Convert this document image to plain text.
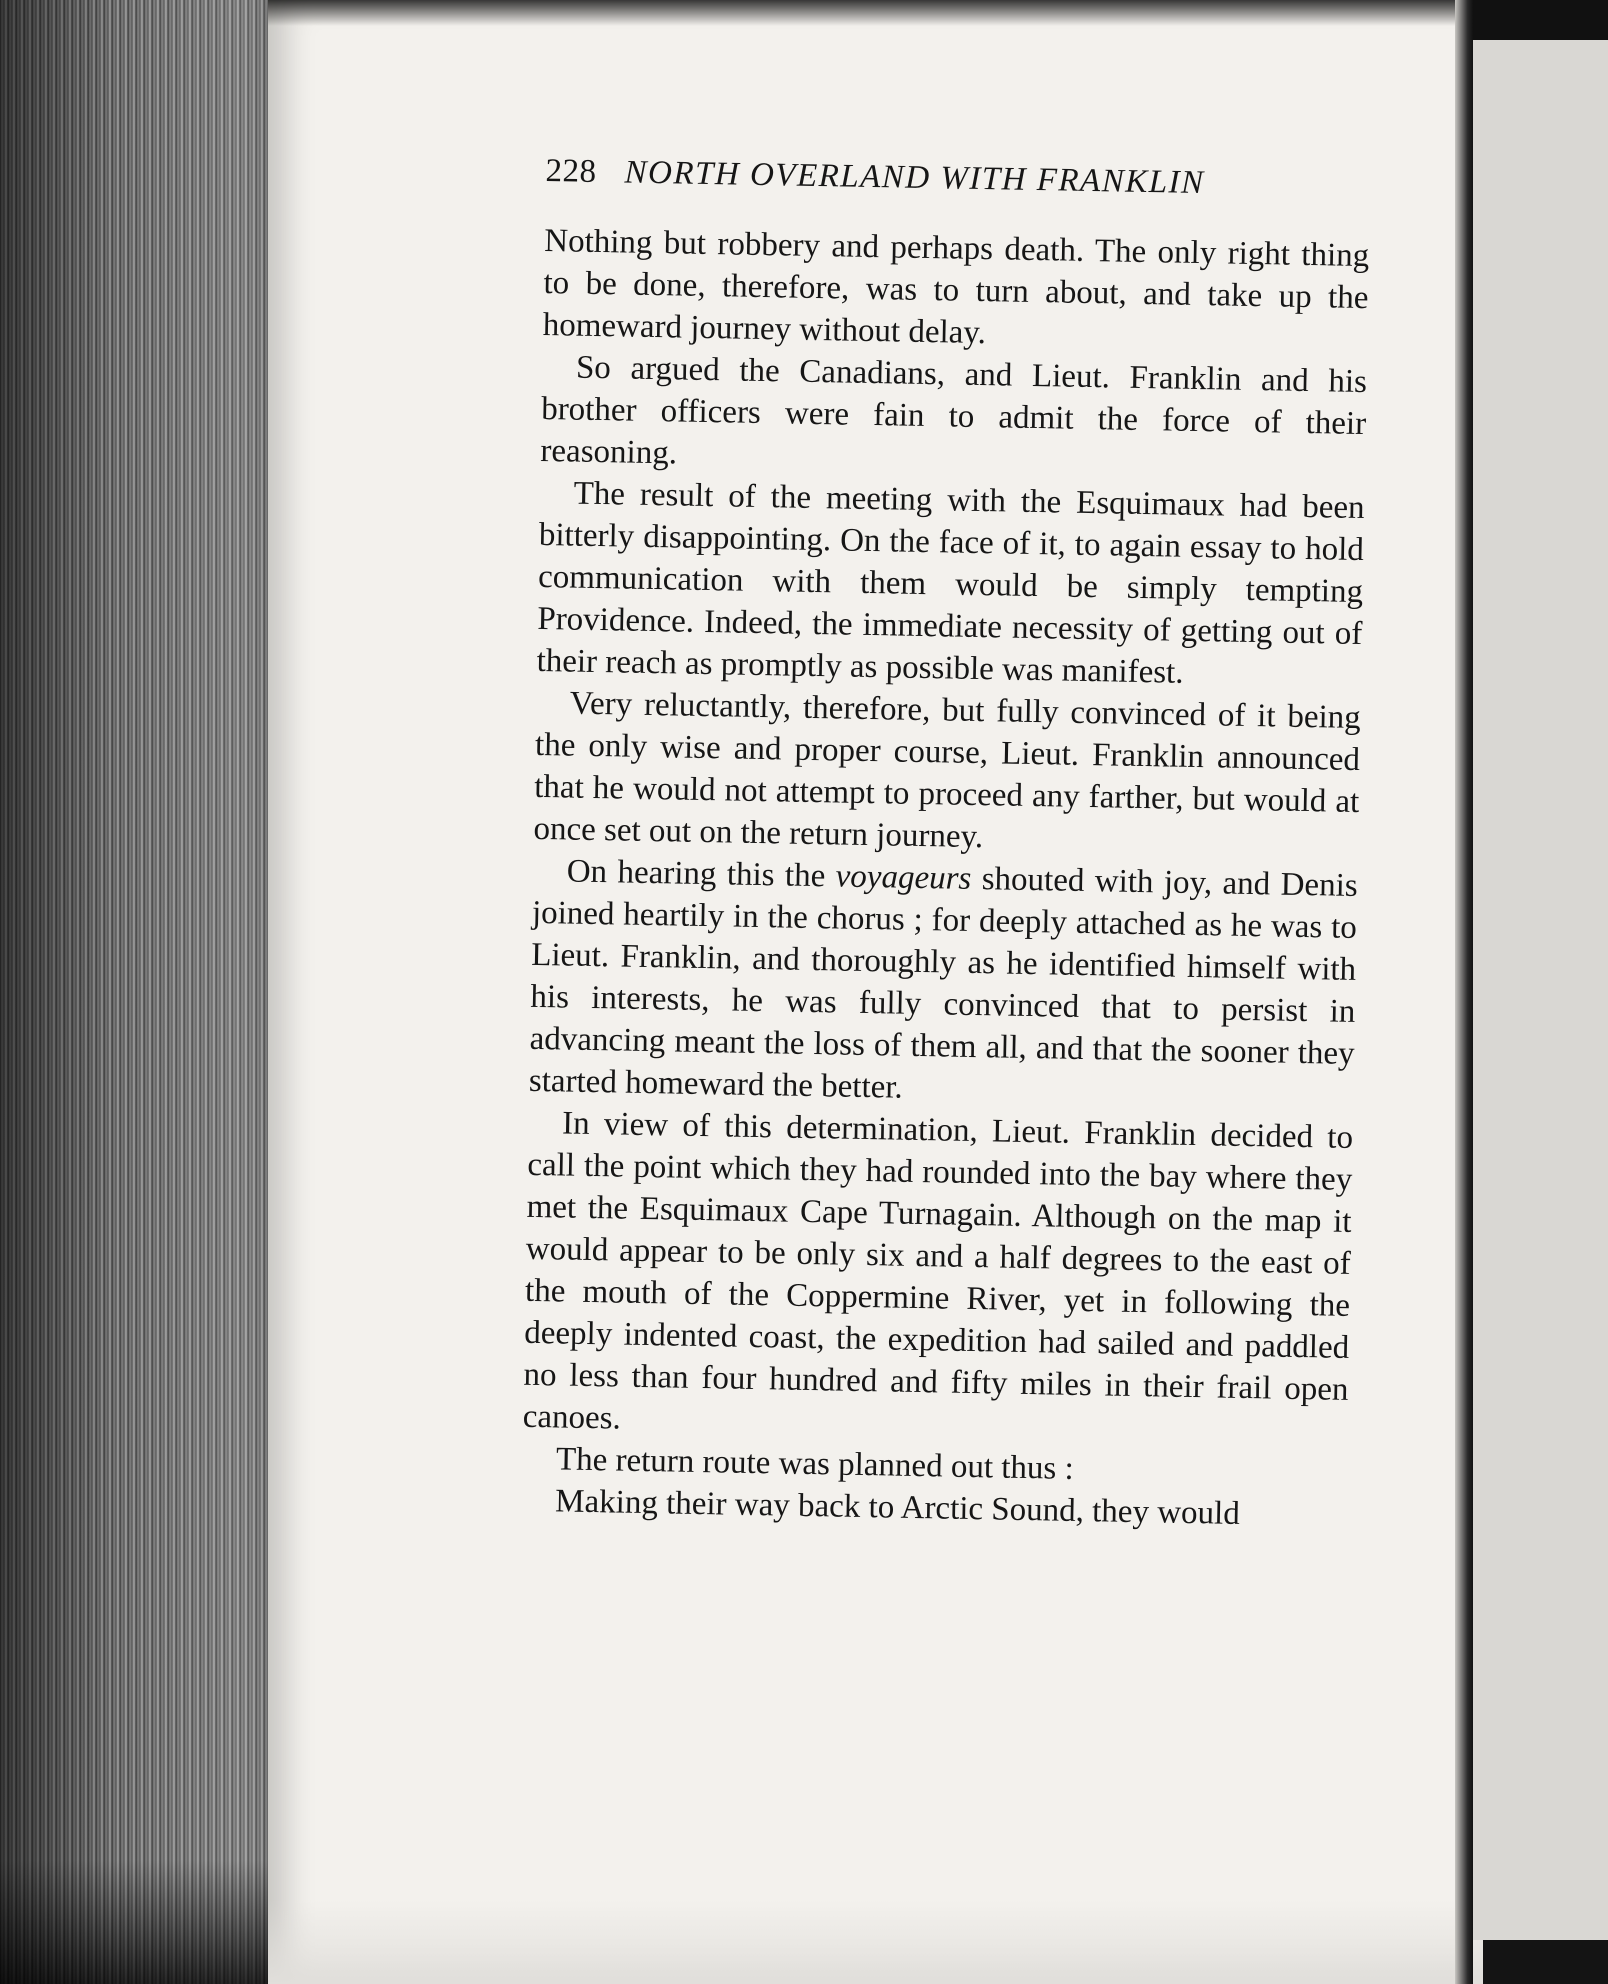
228 NORTH OVERLAND WITH FRANKLIN

Nothing but robbery and perhaps death. The only right thing to be done, therefore, was to turn about, and take up the homeward journey without delay.

So argued the Canadians, and Lieut. Franklin and his brother officers were fain to admit the force of their reasoning.

The result of the meeting with the Esquimaux had been bitterly disappointing. On the face of it, to again essay to hold communication with them would be simply tempting Providence. Indeed, the immediate necessity of getting out of their reach as promptly as possible was manifest.

Very reluctantly, therefore, but fully convinced of it being the only wise and proper course, Lieut. Franklin announced that he would not attempt to proceed any farther, but would at once set out on the return journey.

On hearing this the voyageurs shouted with joy, and Denis joined heartily in the chorus ; for deeply attached as he was to Lieut. Franklin, and thoroughly as he identified himself with his interests, he was fully convinced that to persist in advancing meant the loss of them all, and that the sooner they started homeward the better.

In view of this determination, Lieut. Franklin decided to call the point which they had rounded into the bay where they met the Esquimaux Cape Turnagain. Although on the map it would appear to be only six and a half degrees to the east of the mouth of the Coppermine River, yet in following the deeply indented coast, the expedition had sailed and paddled no less than four hundred and fifty miles in their frail open canoes.

The return route was planned out thus :

Making their way back to Arctic Sound, they would
